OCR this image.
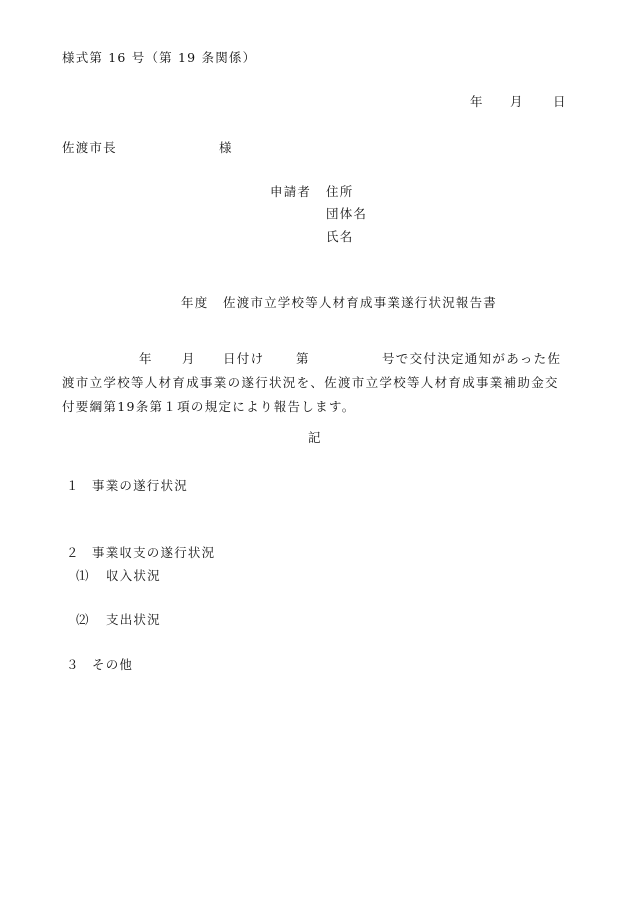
様式第 16 号（第 19 条関係）
年 月 日
佐渡市長	様
申請者 住所
団体名
氏名
年度 佐渡市立学校等人材育成事業遂行状況報告書
年 月 日付け	第	号で交付決定通知があった佐
渡市立学校等人材育成事業の遂行状況を、佐渡市立学校等人材育成事業補助金交
付要綱第19条第１項の規定により報告します。
記
１ 事業の遂行状況
２ 事業収支の遂行状況
⑴ 収入状況
⑵ 支出状況
３ その他
